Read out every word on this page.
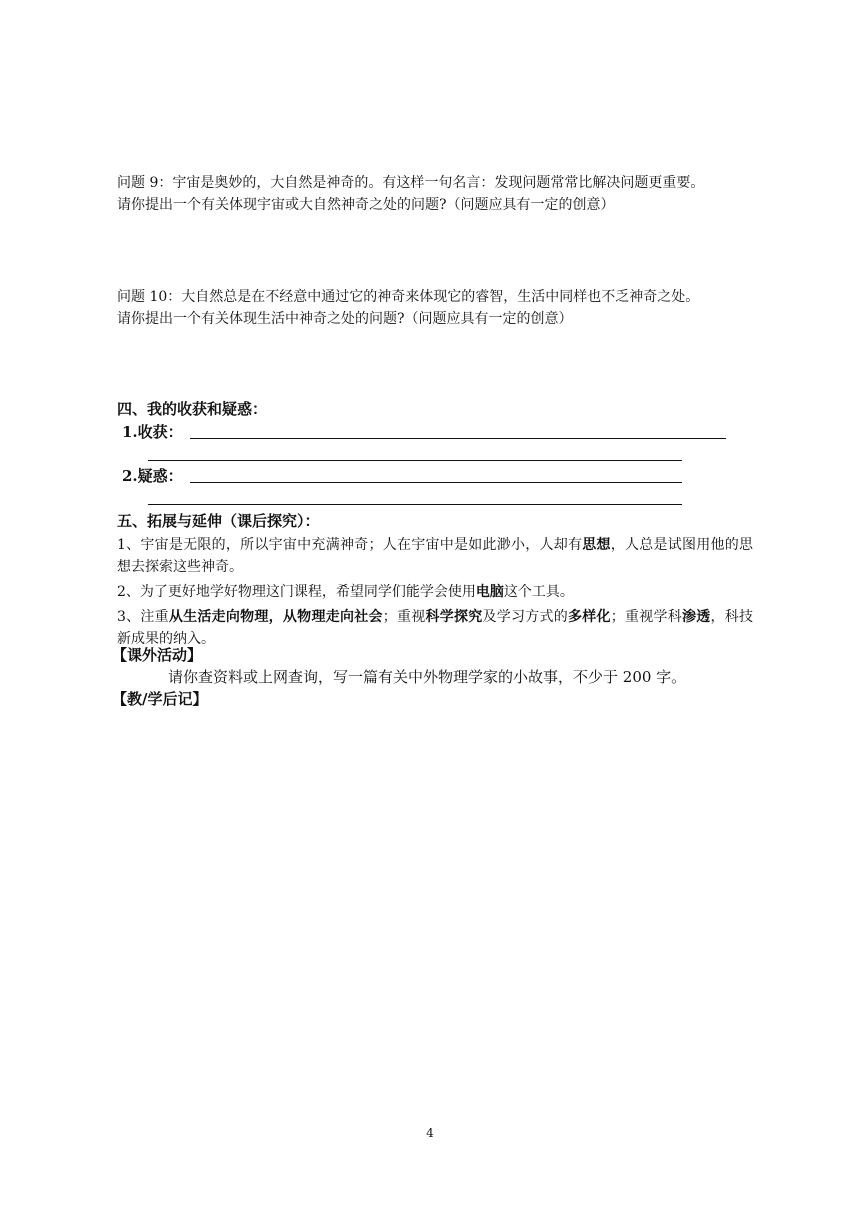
问题 9：宇宙是奥妙的，大自然是神奇的。有这样一句名言：发现问题常常比解决问题更重要。

请你提出一个有关体现宇宙或大自然神奇之处的问题?（问题应具有一定的创意）

问题 10：大自然总是在不经意中通过它的神奇来体现它的睿智，生活中同样也不乏神奇之处。

请你提出一个有关体现生活中神奇之处的问题?（问题应具有一定的创意）

四、我的收获和疑惑：

1.收获：
2.疑惑：

五、拓展与延伸（课后探究）：

1、宇宙是无限的，所以宇宙中充满神奇；人在宇宙中是如此渺小，人却有思想，人总是试图用他的思想去探索这些神奇。

2、为了更好地学好物理这门课程，希望同学们能学会使用电脑这个工具。

3、注重从生活走向物理，从物理走向社会；重视科学探究及学习方式的多样化；重视学科渗透，科技新成果的纳入。

【课外活动】

请你查资料或上网查询，写一篇有关中外物理学家的小故事，不少于 200 字。

【教/学后记】

4
